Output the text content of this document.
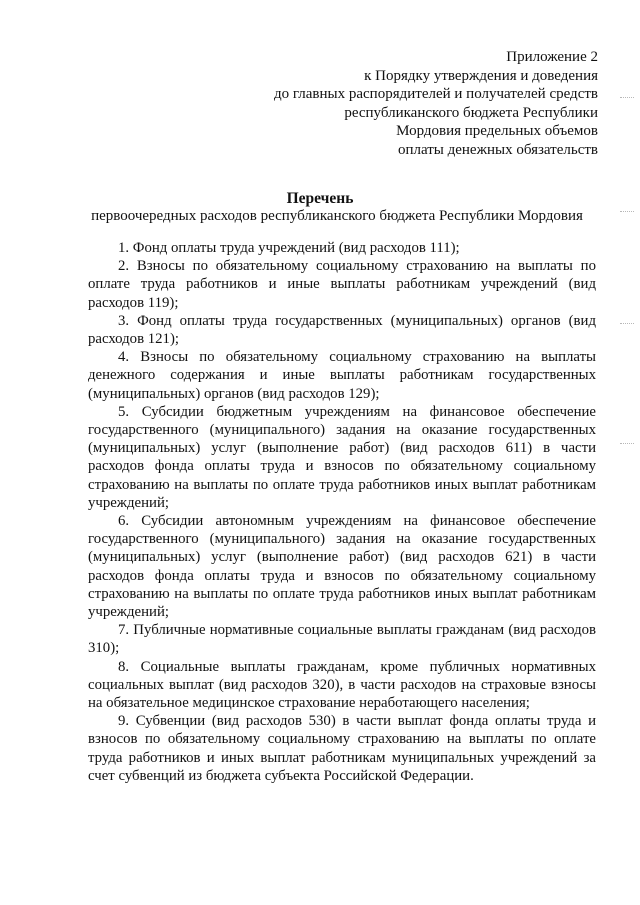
Приложение 2
к Порядку утверждения и доведения
до главных распорядителей и получателей средств
республиканского бюджета Республики
Мордовия предельных объемов
оплаты денежных обязательств
Перечень
первоочередных расходов республиканского бюджета Республики Мордовия

1. Фонд оплаты труда учреждений (вид расходов 111);

2. Взносы по обязательному социальному страхованию на выплаты по оплате труда работников и иные выплаты работникам учреждений (вид расходов 119);

3. Фонд оплаты труда государственных (муниципальных) органов (вид расходов 121);

4. Взносы по обязательному социальному страхованию на выплаты денежного содержания и иные выплаты работникам государственных (муниципальных) органов (вид расходов 129);

5. Субсидии бюджетным учреждениям на финансовое обеспечение государственного (муниципального) задания на оказание государственных (муниципальных) услуг (выполнение работ) (вид расходов 611) в части расходов фонда оплаты труда и взносов по обязательному социальному страхованию на выплаты по оплате труда работников иных выплат работникам учреждений;

6. Субсидии автономным учреждениям на финансовое обеспечение государственного (муниципального) задания на оказание государственных (муниципальных) услуг (выполнение работ) (вид расходов 621) в части расходов фонда оплаты труда и взносов по обязательному социальному страхованию на выплаты по оплате труда работников иных выплат работникам учреждений;

7. Публичные нормативные социальные выплаты гражданам (вид расходов 310);

8. Социальные выплаты гражданам, кроме публичных нормативных социальных выплат (вид расходов 320), в части расходов на страховые взносы на обязательное медицинское страхование неработающего населения;

9. Субвенции (вид расходов 530) в части выплат фонда оплаты труда и взносов по обязательному социальному страхованию на выплаты по оплате труда работников и иных выплат работникам муниципальных учреждений за счет субвенций из бюджета субъекта Российской Федерации.
